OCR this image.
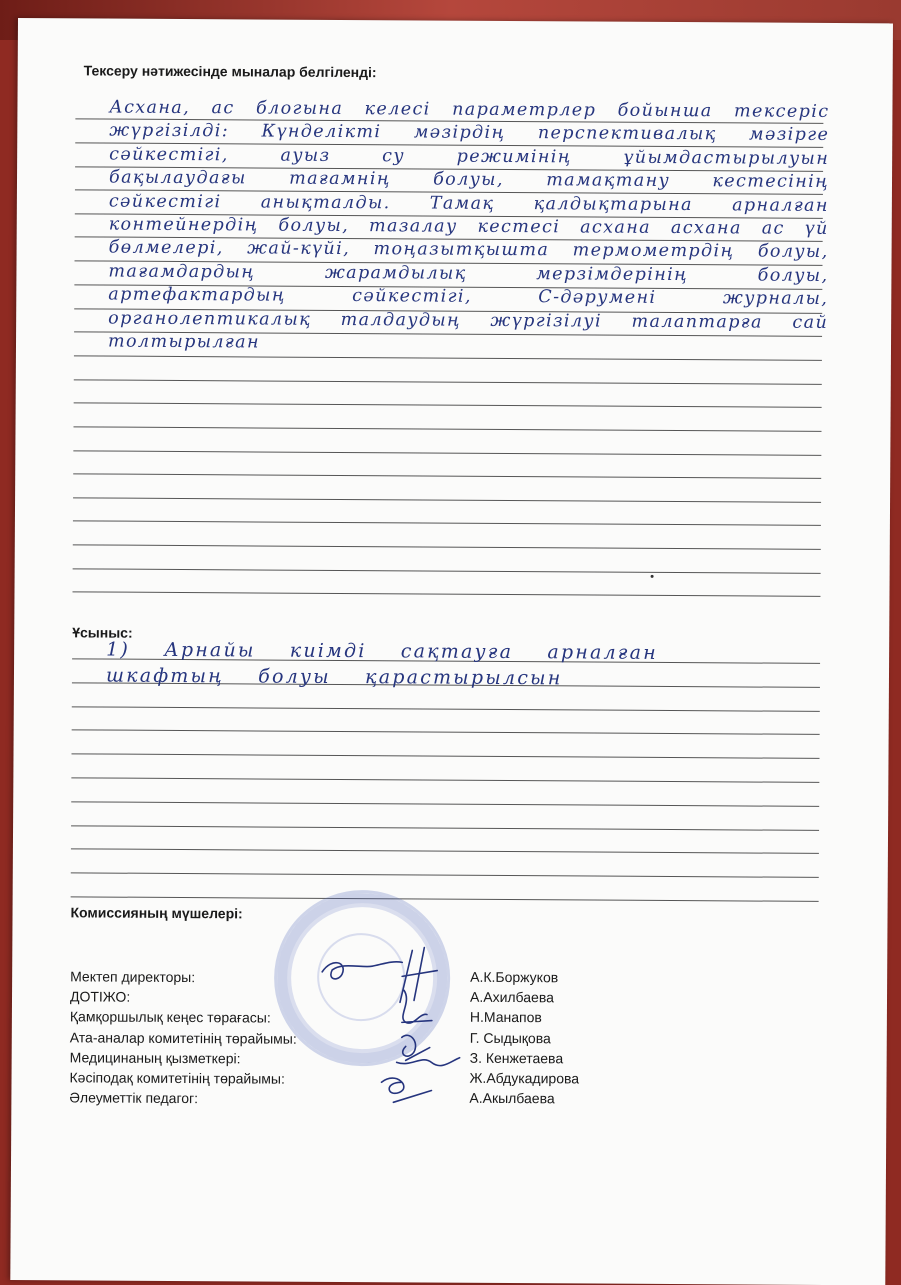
Тексеру нәтижесінде мыналар белгіленді:
Асхана, ас блогына келесі параметрлер бойынша тексеріс жүргізілді: Күнделікті мәзірдің перспективалық мәзірге сәйкестігі, ауыз су режимінің ұйымдастырылуын бақылаудағы тағамнің болуы, тамақтану кестесінің сәйкестігі анықталды. Тамақ қалдықтарына арналған контейнердің болуы, тазалау кестесі асхана асхана ас үй бөлмелері, жай-күйі, тоңазытқышта термометрдің болуы, тағамдардың жарамдылық мерзімдерінің болуы, артефактардың сәйкестігі, С-дәрумені журналы, органолептикалық талдаудың жүргізілуі талаптарға сай толтырылған
Ұсыныс:
1) Арнайы киімді сақтауға арналған шкафтың болуы қарастырылсын
Комиссияның мүшелері:
Мектеп директоры:
ДОТІЖО:
Қамқоршылық кеңес төрағасы:
Ата-аналар комитетінің төрайымы:
Медицинаның қызметкері:
Кәсіподақ комитетінің төрайымы:
Әлеуметтік педагог:
А.К.Боржуков
А.Ахилбаева
Н.Манапов
Г. Сыдықова
З. Кенжетаева
Ж.Абдукадирова
А.Акылбаева
